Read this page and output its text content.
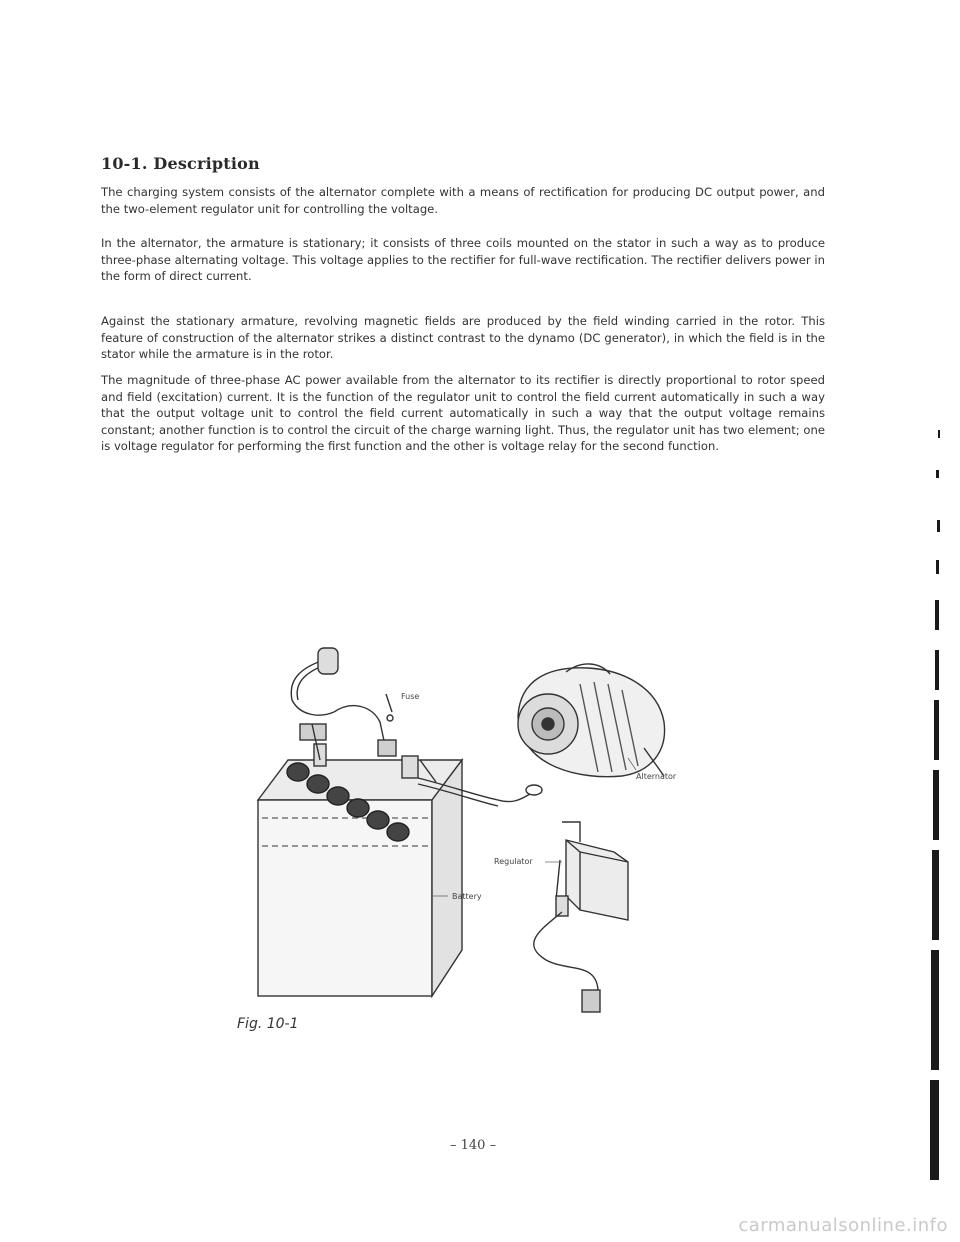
10-1. Description

The charging system consists of the alternator complete with a means of rectification for producing DC output power, and the two-element regulator unit for controlling the voltage.

In the alternator, the armature is stationary; it consists of three coils mounted on the stator in such a way as to produce three-phase alternating voltage. This voltage applies to the rectifier for full-wave rectification. The rectifier delivers power in the form of direct current.

Against the stationary armature, revolving magnetic fields are produced by the field winding carried in the rotor. This feature of construction of the alternator strikes a distinct contrast to the dynamo (DC generator), in which the field is in the stator while the armature is in the rotor.

The magnitude of three-phase AC power available from the alternator to its rectifier is directly proportional to rotor speed and field (excitation) current. It is the function of the regulator unit to control the field current automatically in such a way that the output voltage unit to control the field current automatically in such a way that the output voltage remains constant; another function is to control the circuit of the charge warning light. Thus, the regulator unit has two element; one is voltage regulator for performing the first function and the other is voltage relay for the second function.

Fuse
Alternator
Regulator
Battery
Fig. 10-1
– 140 –
carmanualsonline.info
